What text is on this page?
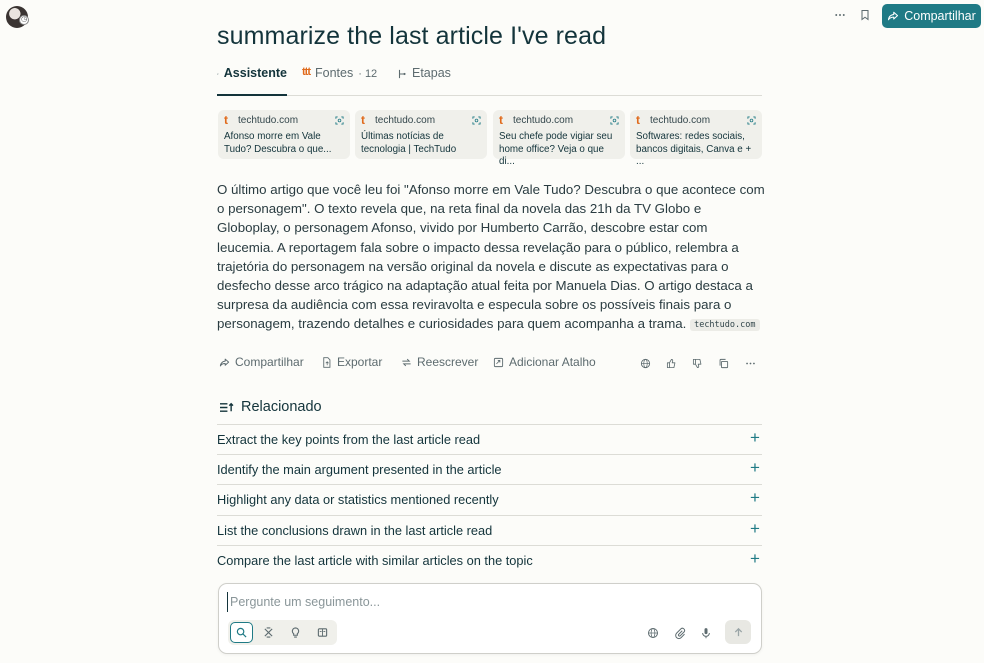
◷	Compartilhar
summarize the last article I've read
Assistente ttt Fontes · 12	Etapas
t	techtudo.com
Afonso morre em Vale Tudo? Descubra o que...
t	techtudo.com
Últimas notícias de tecnologia | TechTudo
t	techtudo.com
Seu chefe pode vigiar seu home office? Veja o que di...
t	techtudo.com
Softwares: redes sociais, bancos digitais, Canva e + ...

O último artigo que você leu foi "Afonso morre em Vale Tudo? Descubra o que acontece com o personagem". O texto revela que, na reta final da novela das 21h da TV Globo e Globoplay, o personagem Afonso, vivido por Humberto Carrão, descobre estar com leucemia. A reportagem fala sobre o impacto dessa revelação para o público, relembra a trajetória do personagem na versão original da novela e discute as expectativas para o desfecho desse arco trágico na adaptação atual feita por Manuela Dias. O artigo destaca a surpresa da audiência com essa reviravolta e especula sobre os possíveis finais para o personagem, trazendo detalhes e curiosidades para quem acompanha a trama. techtudo.com

Compartilhar	Exportar	Reescrever	Adicionar Atalho
Relacionado
Extract the key points from the last article read	+
Identify the main argument presented in the article	+
Highlight any data or statistics mentioned recently	+
List the conclusions drawn in the last article read	+
Compare the last article with similar articles on the topic	+
Pergunte um seguimento...
